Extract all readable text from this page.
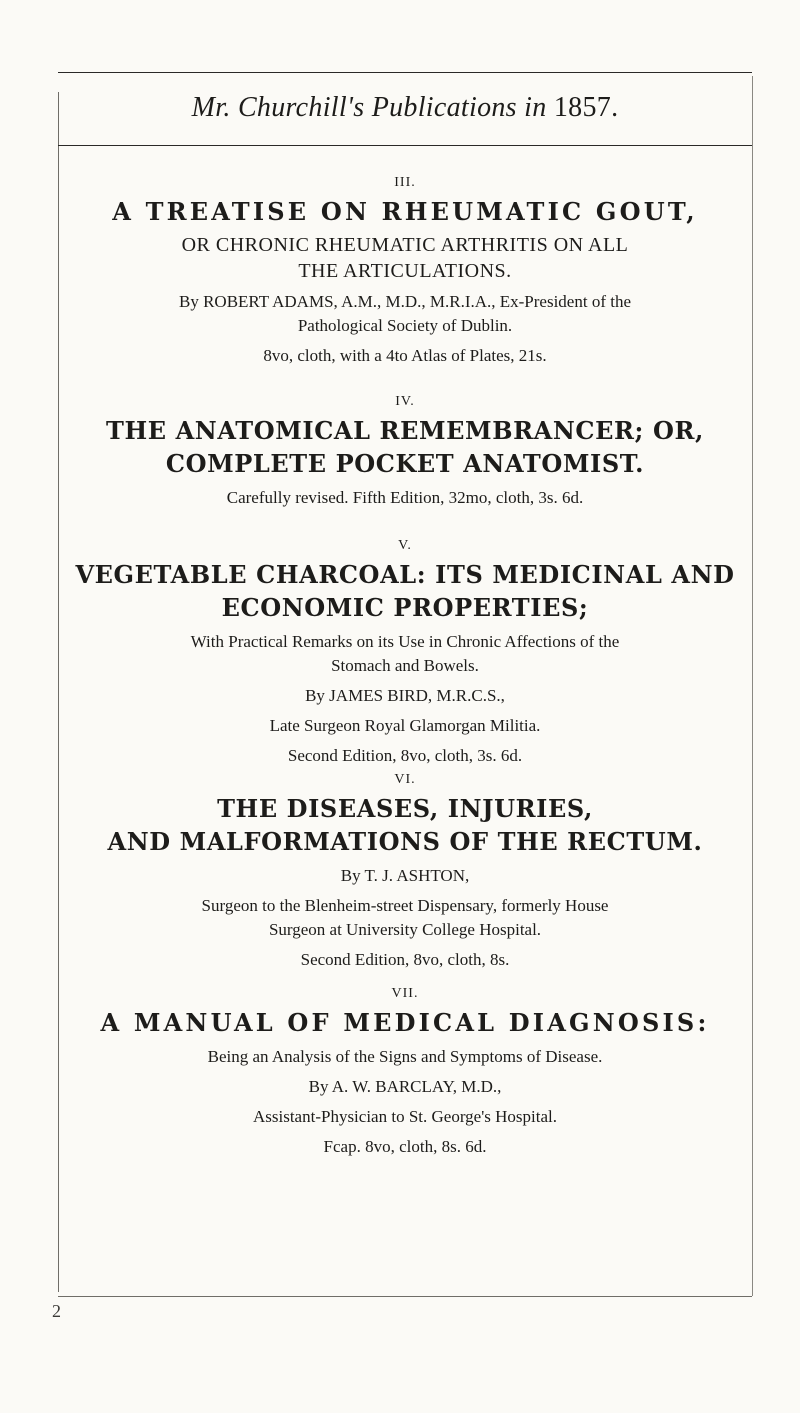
Mr. Churchill's Publications in 1857.
III.
A TREATISE ON RHEUMATIC GOUT,
OR CHRONIC RHEUMATIC ARTHRITIS ON ALL
THE ARTICULATIONS.
By ROBERT ADAMS, A.M., M.D., M.R.I.A., Ex-President of the
Pathological Society of Dublin.
8vo, cloth, with a 4to Atlas of Plates, 21s.
IV.
THE ANATOMICAL REMEMBRANCER; OR,
COMPLETE POCKET ANATOMIST.
Carefully revised. Fifth Edition, 32mo, cloth, 3s. 6d.
V.
VEGETABLE CHARCOAL: ITS MEDICINAL AND
ECONOMIC PROPERTIES;
With Practical Remarks on its Use in Chronic Affections of the
Stomach and Bowels.
By JAMES BIRD, M.R.C.S.,
Late Surgeon Royal Glamorgan Militia.
Second Edition, 8vo, cloth, 3s. 6d.
VI.
THE DISEASES, INJURIES,
AND MALFORMATIONS OF THE RECTUM.
By T. J. ASHTON,
Surgeon to the Blenheim-street Dispensary, formerly House
Surgeon at University College Hospital.
Second Edition, 8vo, cloth, 8s.
VII.
A MANUAL OF MEDICAL DIAGNOSIS:
Being an Analysis of the Signs and Symptoms of Disease.
By A. W. BARCLAY, M.D.,
Assistant-Physician to St. George's Hospital.
Fcap. 8vo, cloth, 8s. 6d.
2
